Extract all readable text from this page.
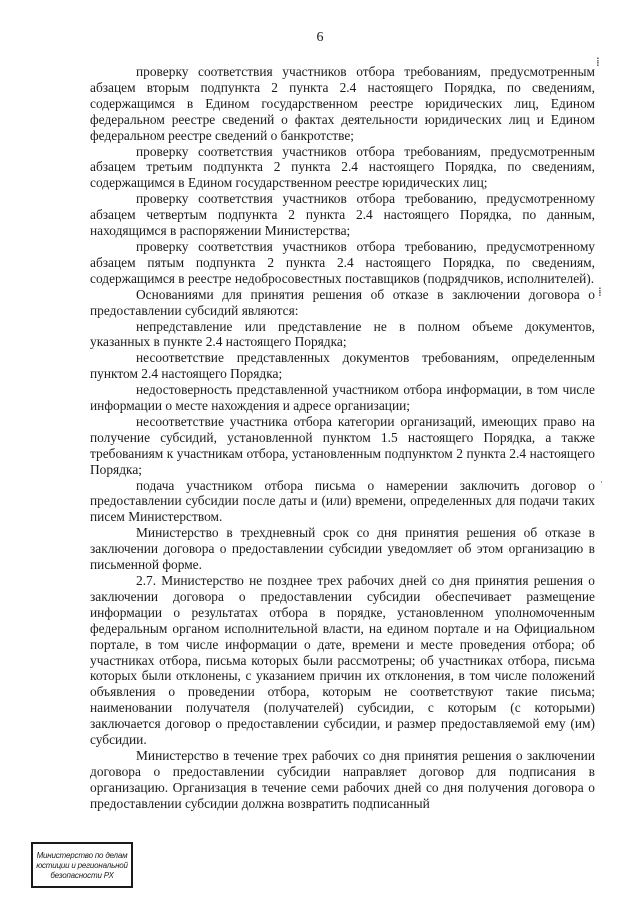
6

проверку соответствия участников отбора требованиям, предусмотренным абзацем вторым подпункта 2 пункта 2.4 настоящего Порядка, по сведениям, содержащимся в Едином государственном реестре юридических лиц, Едином федеральном реестре сведений о фактах деятельности юридических лиц и Едином федеральном реестре сведений о банкротстве;

проверку соответствия участников отбора требованиям, предусмотренным абзацем третьим подпункта 2 пункта 2.4 настоящего Порядка, по сведениям, содержащимся в Едином государственном реестре юридических лиц;

проверку соответствия участников отбора требованию, предусмотренному абзацем четвертым подпункта 2 пункта 2.4 настоящего Порядка, по данным, находящимся в распоряжении Министерства;

проверку соответствия участников отбора требованию, предусмотренному абзацем пятым подпункта 2 пункта 2.4 настоящего Порядка, по сведениям, содержащимся в реестре недобросовестных поставщиков (подрядчиков, исполнителей).

Основаниями для принятия решения об отказе в заключении договора о предоставлении субсидий являются:

непредставление или представление не в полном объеме документов, указанных в пункте 2.4 настоящего Порядка;

несоответствие представленных документов требованиям, определенным пунктом 2.4 настоящего Порядка;

недостоверность представленной участником отбора информации, в том числе информации о месте нахождения и адресе организации;

несоответствие участника отбора категории организаций, имеющих право на получение субсидий, установленной пунктом 1.5 настоящего Порядка, а также требованиям к участникам отбора, установленным подпунктом 2 пункта 2.4 настоящего Порядка;

подача участником отбора письма о намерении заключить договор о предоставлении субсидии после даты и (или) времени, определенных для подачи таких писем Министерством.

Министерство в трехдневный срок со дня принятия решения об отказе в заключении договора о предоставлении субсидии уведомляет об этом организацию в письменной форме.

2.7. Министерство не позднее трех рабочих дней со дня принятия решения о заключении договора о предоставлении субсидии обеспечивает размещение информации о результатах отбора в порядке, установленном уполномоченным федеральным органом исполнительной власти, на едином портале и на Официальном портале, в том числе информации о дате, времени и месте проведения отбора; об участниках отбора, письма которых были рассмотрены; об участниках отбора, письма которых были отклонены, с указанием причин их отклонения, в том числе положений объявления о проведении отбора, которым не соответствуют такие письма; наименовании получателя (получателей) субсидии, с которым (с которыми) заключается договор о предоставлении субсидии, и размер предоставляемой ему (им) субсидии.

Министерство в течение трех рабочих со дня принятия решения о заключении договора о предоставлении субсидии направляет договор для подписания в организацию. Организация в течение семи рабочих дней со дня получения договора о предоставлении субсидии должна возвратить подписанный

Министерство по делам
юстиции и региональной
безопасности РХ
⁞
⁞
·
